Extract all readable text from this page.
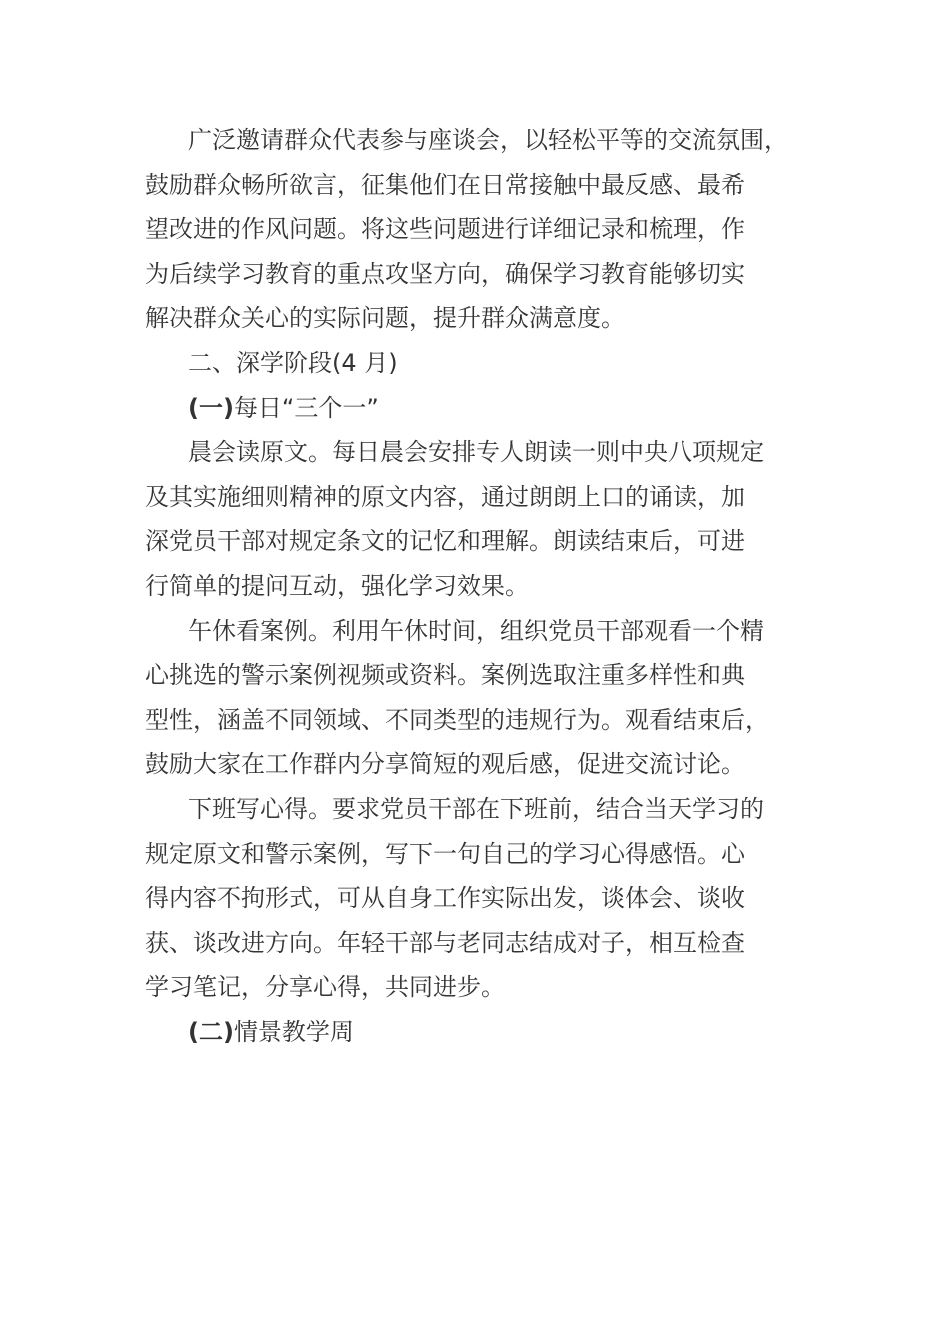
广泛邀请群众代表参与座谈会，以轻松平等的交流氛围，
鼓励群众畅所欲言，征集他们在日常接触中最反感、最希
望改进的作风问题。将这些问题进行详细记录和梳理，作
为后续学习教育的重点攻坚方向，确保学习教育能够切实
解决群众关心的实际问题，提升群众满意度。
二、深学阶段(4 月)
(一)每日“三个一”
晨会读原文。每日晨会安排专人朗读一则中央八项规定
及其实施细则精神的原文内容，通过朗朗上口的诵读，加
深党员干部对规定条文的记忆和理解。朗读结束后，可进
行简单的提问互动，强化学习效果。
午休看案例。利用午休时间，组织党员干部观看一个精
心挑选的警示案例视频或资料。案例选取注重多样性和典
型性，涵盖不同领域、不同类型的违规行为。观看结束后，
鼓励大家在工作群内分享简短的观后感，促进交流讨论。
下班写心得。要求党员干部在下班前，结合当天学习的
规定原文和警示案例，写下一句自己的学习心得感悟。心
得内容不拘形式，可从自身工作实际出发，谈体会、谈收
获、谈改进方向。年轻干部与老同志结成对子，相互检查
学习笔记，分享心得，共同进步。
(二)情景教学周
